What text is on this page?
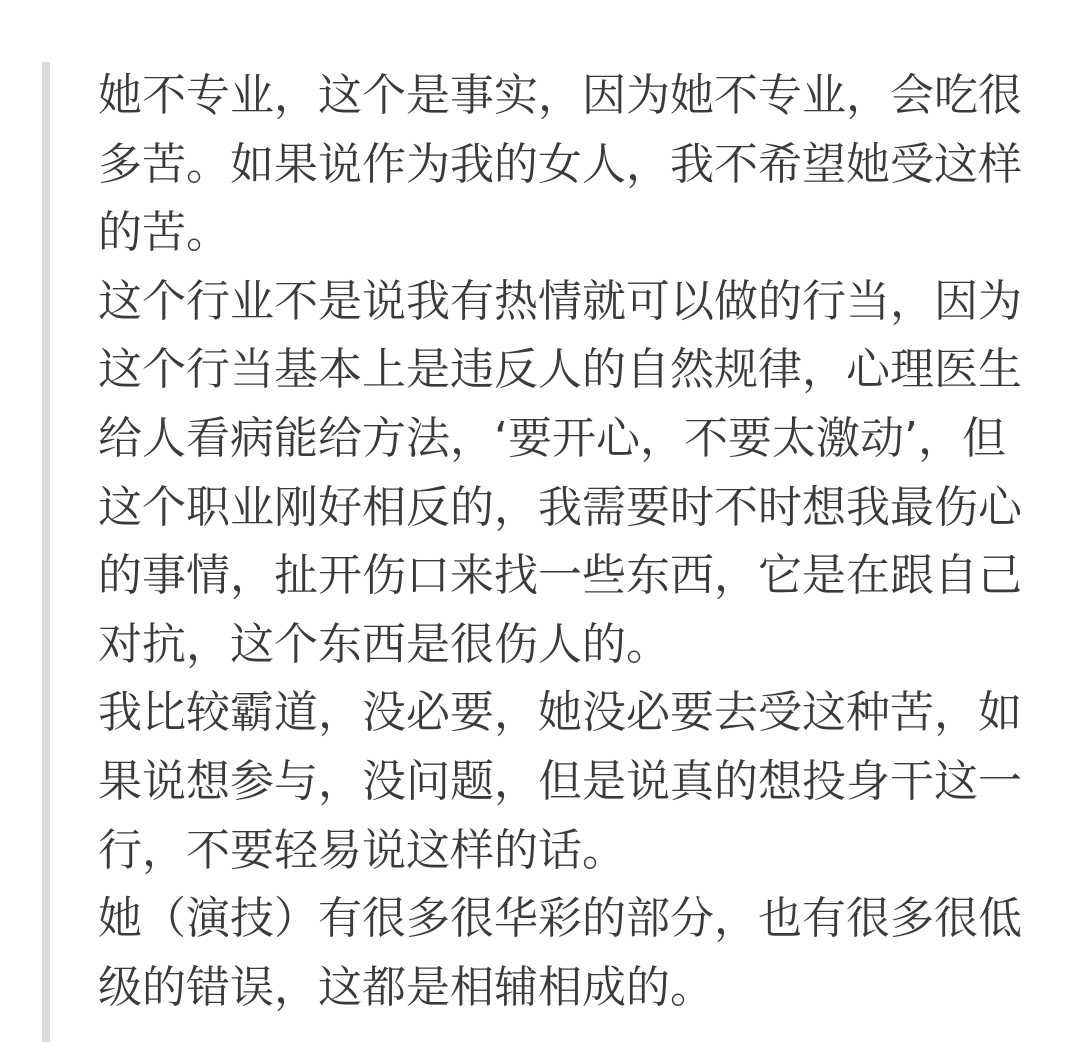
她不专业，这个是事实，因为她不专业，会吃很
多苦。如果说作为我的女人，我不希望她受这样
的苦。

这个行业不是说我有热情就可以做的行当，因为
这个行当基本上是违反人的自然规律，心理医生
给人看病能给方法，‘要开心，不要太激动’，但
这个职业刚好相反的，我需要时不时想我最伤心
的事情，扯开伤口来找一些东西，它是在跟自己
对抗，这个东西是很伤人的。

我比较霸道，没必要，她没必要去受这种苦，如
果说想参与，没问题，但是说真的想投身干这一
行，不要轻易说这样的话。

她（演技）有很多很华彩的部分，也有很多很低
级的错误，这都是相辅相成的。
